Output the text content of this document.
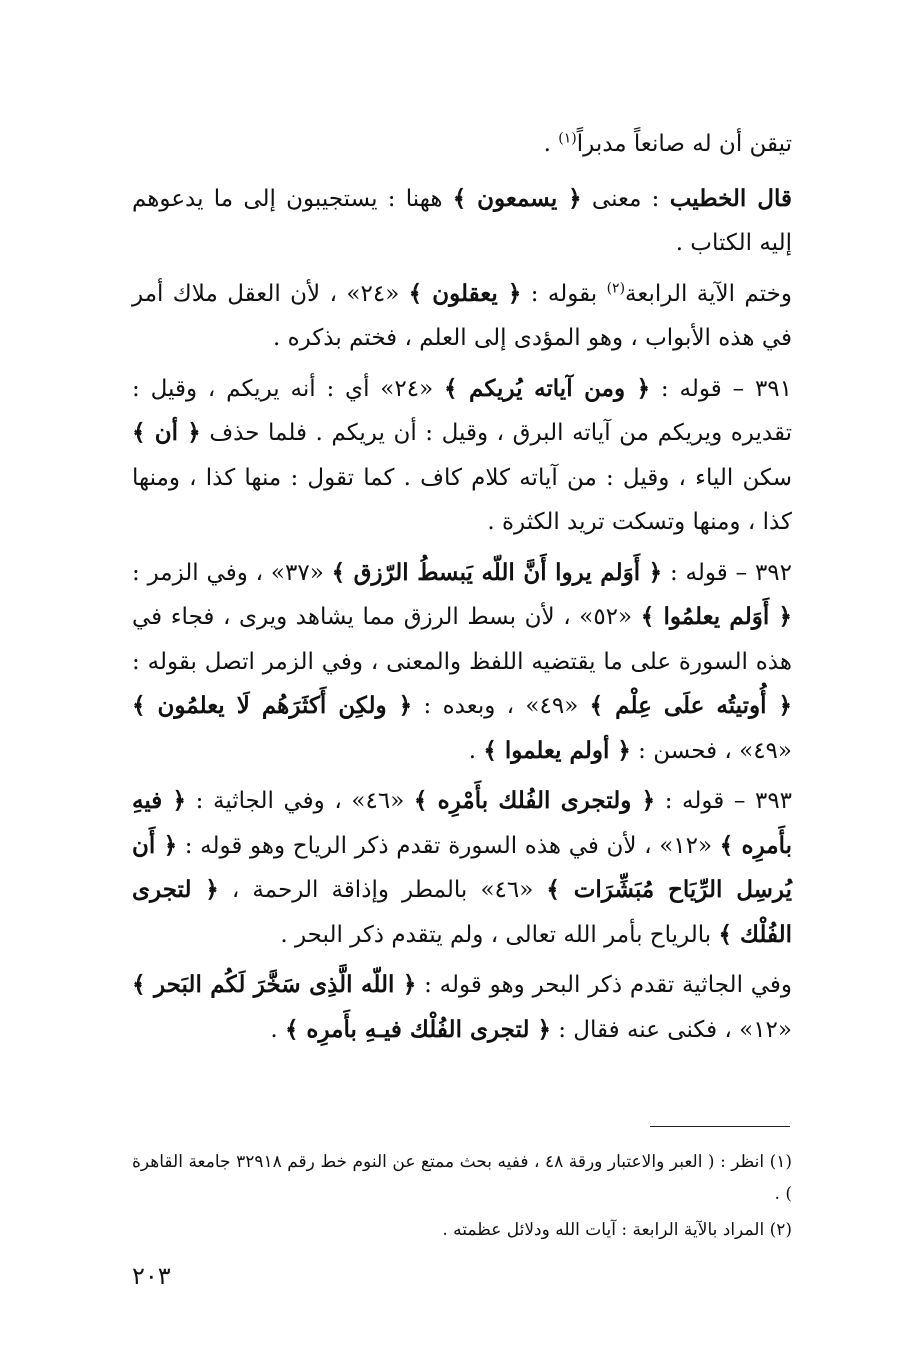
تيقن أن له صانعاً مدبراً$^{(١)}$ .

قال الخطيب : معنى ﴿ يسمعون ﴾ ههنا : يستجيبون إلى ما يدعوهم إليه الكتاب .

وختم الآية الرابعة$^{(٢)}$ بقوله : ﴿ يعقلون ﴾ «٢٤» ، لأن العقل ملاك أمر في هذه الأبواب ، وهو المؤدى إلى العلم ، فختم بذكره .

٣٩١ – قوله : ﴿ ومن آياته يُريكم ﴾ «٢٤» أي : أنه يريكم ، وقيل : تقديره ويريكم من آياته البرق ، وقيل : أن يريكم . فلما حذف ﴿ أن ﴾ سكن الياء ، وقيل : من آياته كلام كاف . كما تقول : منها كذا ، ومنها كذا ، ومنها وتسكت تريد الكثرة .

٣٩٢ – قوله : ﴿ أَوَلم يروا أَنَّ اللّه يَبسطُ الرّزق ﴾ «٣٧» ، وفي الزمر : ﴿ أَوَلم يعلمُوا ﴾ «٥٢» ، لأن بسط الرزق مما يشاهد ويرى ، فجاء في هذه السورة على ما يقتضيه اللفظ والمعنى ، وفي الزمر اتصل بقوله : ﴿ أُوتيتُه علَى عِلْم ﴾ «٤٩» ، وبعده : ﴿ ولكِن أَكثَرَهُم لَا يعلمُون ﴾ «٤٩» ، فحسن : ﴿ أولم يعلموا ﴾ .

٣٩٣ – قوله : ﴿ ولتجرى الفُلك بأَمْرِه ﴾ «٤٦» ، وفي الجاثية : ﴿ فيهِ بأَمرِه ﴾ «١٢» ، لأن في هذه السورة تقدم ذكر الرياح وهو قوله : ﴿ أَن يُرسِل الرِّيَاح مُبَشِّرَات ﴾ «٤٦» بالمطر وإذاقة الرحمة ، ﴿ لتجرى الفُلْك ﴾ بالرياح بأمر الله تعالى ، ولم يتقدم ذكر البحر .

وفي الجاثية تقدم ذكر البحر وهو قوله : ﴿ اللّه الَّذِى سَخَّرَ لَكُم البَحر ﴾ «١٢» ، فكنى عنه فقال : ﴿ لتجرى الفُلْك فيـهِ بأَمرِه ﴾ .

(١) انظر : ( العبر والاعتبار ورقة ٤٨ ، ففيه بحث ممتع عن النوم خط رقم ٣٢٩١٨ جامعة القاهرة ) .

(٢) المراد بالآية الرابعة : آيات الله ودلائل عظمته .

٢٠٣
